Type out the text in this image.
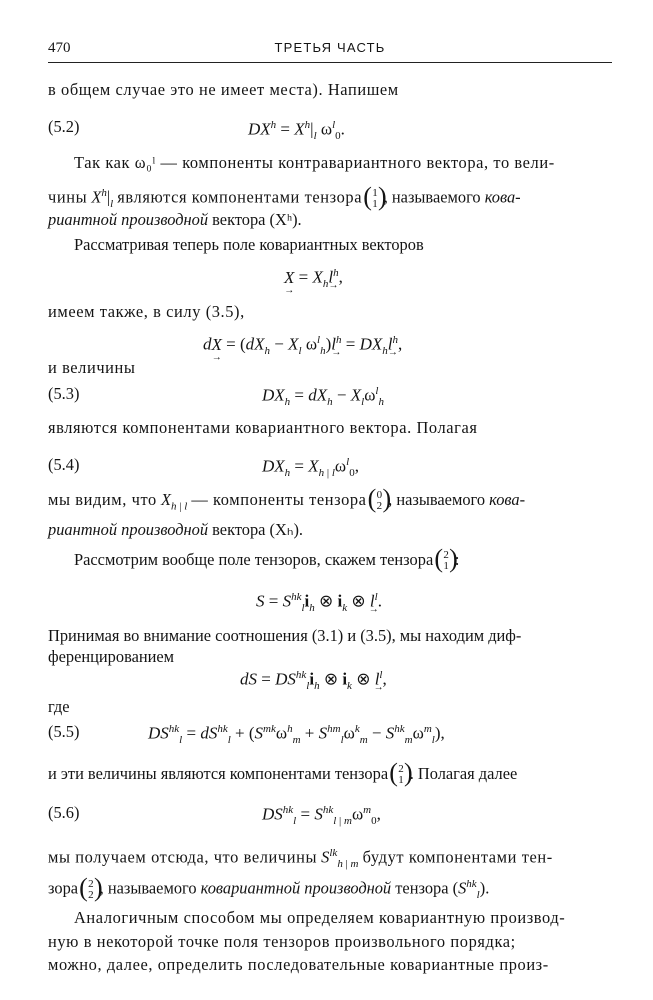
470	ТРЕТЬЯ ЧАСТЬ
в общем случае это не имеет места). Напишем
(5.2)	$DX^h = X^h|_l$ $\omega^l_0$.
Так как ω₀ˡ — компоненты контравариантного вектора, то вели-
чины $X^h|_l$ являются компонентами тензора ( 1
1
) , называемого кова-
риантной производной вектора (Xʰ).
Рассматривая теперь поле ковариантных векторов
X → = $X_hl^h$ →,
имеем также, в силу (3.5),
dX → = ($dX_h - X_l$ $\omega^l_h)l^h$ → = $DX_hl^h$ →,
и величины
(5.3)	$DX_h = dX_h - X_l\omega^l_h$
являются компонентами ковариантного вектора. Полагая
(5.4)	$DX_h = X_{h | l}\omega^l_0$,
мы видим, что $X_{h | l}$ — компоненты тензора ( 0
2
) , называемого кова-
риантной производной вектора (Xₕ).
Рассмотрим вообще поле тензоров, скажем тензора ( 2
1
) :
$S = S^{hk}_li_h$ ⊗ $i_k$ ⊗ $l^l$ →.
Принимая во внимание соотношения (3.1) и (3.5), мы находим диф-
ференцированием
dS = $DS^{hk}_li_h$ ⊗ $i_k$ ⊗ $l^l$ →,
где
(5.5)	$DS^{hk}_l = dS^{hk}_l + (S^{mk}\omega^h_m + S^{hm}_l\omega^k_m - S^{hk}_m\omega^m_l)$,
и эти величины являются компонентами тензора ( 2
1
) . Полагая далее
(5.6)	$DS^{hk}_l = S^{hk}_{l | m}\omega^m_0$,
мы получаем отсюда, что величины $S^{lk}_{h | m}$ будут компонентами тен-
зора ( 2
2
) , называемого ковариантной производной тензора $(S^{hk}_l)$.
Аналогичным способом мы определяем ковариантную производ-
ную в некоторой точке поля тензоров произвольного порядка;
можно, далее, определить последовательные ковариантные произ-
